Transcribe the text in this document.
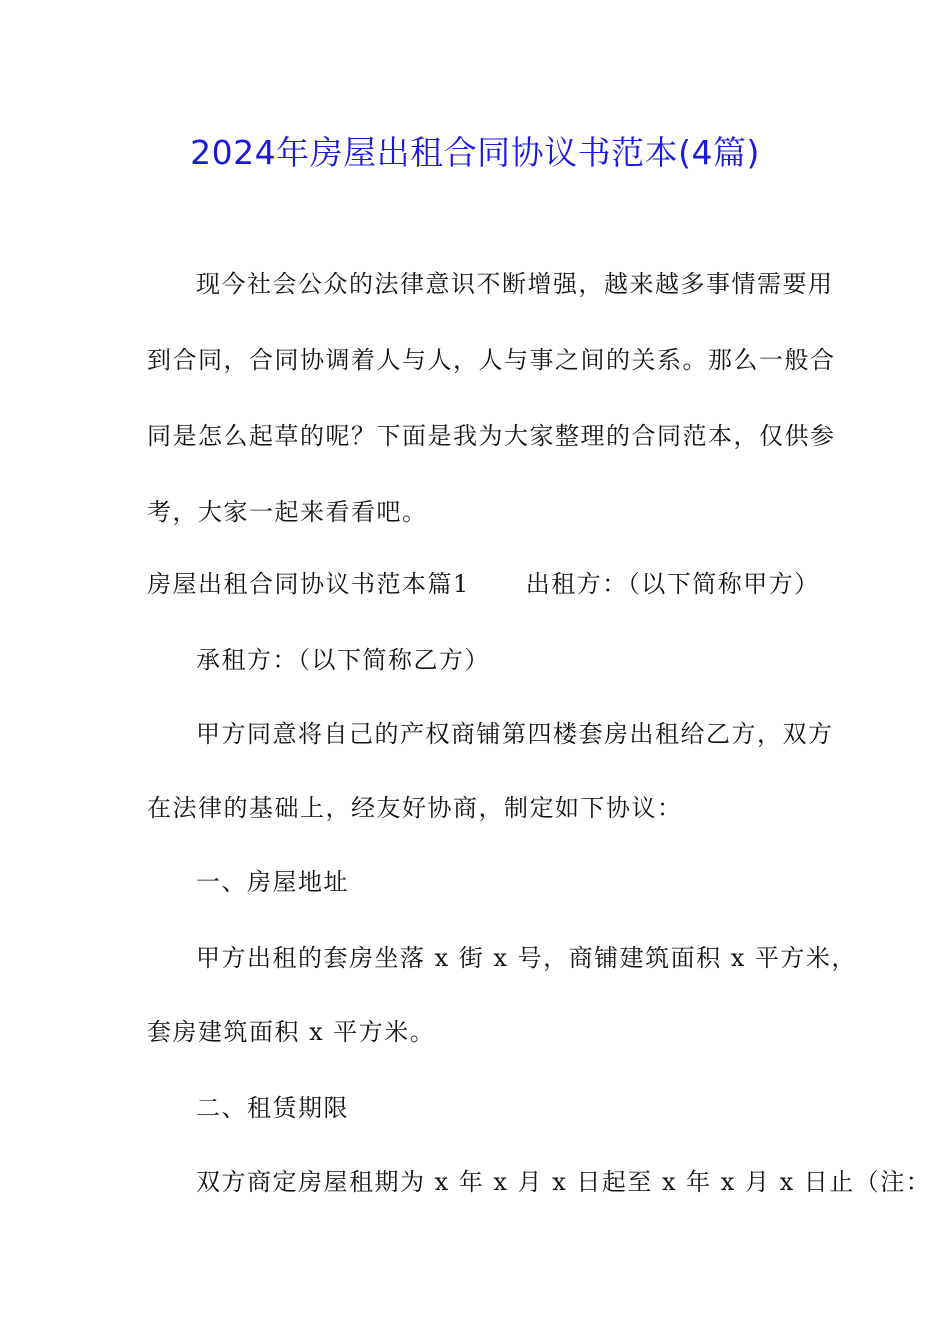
2024年房屋出租合同协议书范本(4篇)
现今社会公众的法律意识不断增强，越来越多事情需要用
到合同，合同协调着人与人，人与事之间的关系。那么一般合
同是怎么起草的呢？下面是我为大家整理的合同范本，仅供参
考，大家一起来看看吧。
房屋出租合同协议书范本篇1 出租方：（以下简称甲方）
承租方：（以下简称乙方）
甲方同意将自己的产权商铺第四楼套房出租给乙方，双方
在法律的基础上，经友好协商，制定如下协议：
一、房屋地址
甲方出租的套房坐落 x 街 x 号，商铺建筑面积 x 平方米，
套房建筑面积 x 平方米。
二、租赁期限
双方商定房屋租期为 x 年 x 月 x 日起至 x 年 x 月 x 日止（注：
